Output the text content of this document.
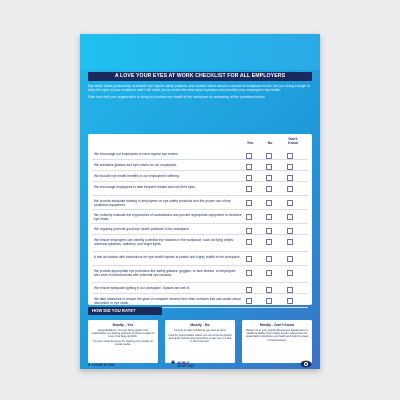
A LOVE YOUR EYES AT WORK CHECKLIST FOR ALL EMPLOYERS

Eye strain slows productivity, avoidable eye injuries delay projects, and unclear vision causes a myriad of workplace errors. Are you doing enough to keep the eyes of your workforce safe? We invite you to review the best ways to protect and prioritize your employees' eye health.

Rate how well your organization is doing to prioritize eye health in the workplace by answering all the questions below:

Yes	No
Don't Know
We encourage our employees to have regular eye exams.
We subsidize glasses and eye exams for our employees.
We include eye health benefits in our employment offering.
We encourage employees to take frequent breaks and rest their eyes.
We provide adequate training to employees on eye safety protocols and the proper use of eye protection equipment.
We routinely evaluate the ergonomics of workstations and provide appropriate equipment to minimize eye strain.
We regularly promote good eye health practices in the workplace.
We ensure employees can identify potential eye hazards in the workplace, such as flying debris, chemical splashes, radiation, and bright lights.
A first aid station with instructions for eye health injuries is posted and highly visible in the workplace.
We provide appropriate eye protection like safety glasses, goggles, or face shields, to employees who work in environments with potential eye hazards.
We ensure adequate lighting in our workplace. Spaces are well lit.
We take measures to reduce the glare of computer screens and other surfaces that can cause visual discomfort or eye strain.
HOW DID YOU RATE?
Mostly - Yes

Congratulations. You are doing great! Your organization is a shining example of what it means to Love Your Eyes at Work.

Let your networks know by sharing your results on social media.

Mostly - No

It's time to start prioritizing eye care at work.

Look for opportunities where you can improve quickly and apply policies and processes to get you on track in the long-term.

Mostly - Don't Know

Reach out to your Human Resources Department or Health & Safety Team today to learn about how the organization prioritizes eye health and look for areas of improvement.

♥YOUR EYES	✚ WORLD
SIGHT DAY
